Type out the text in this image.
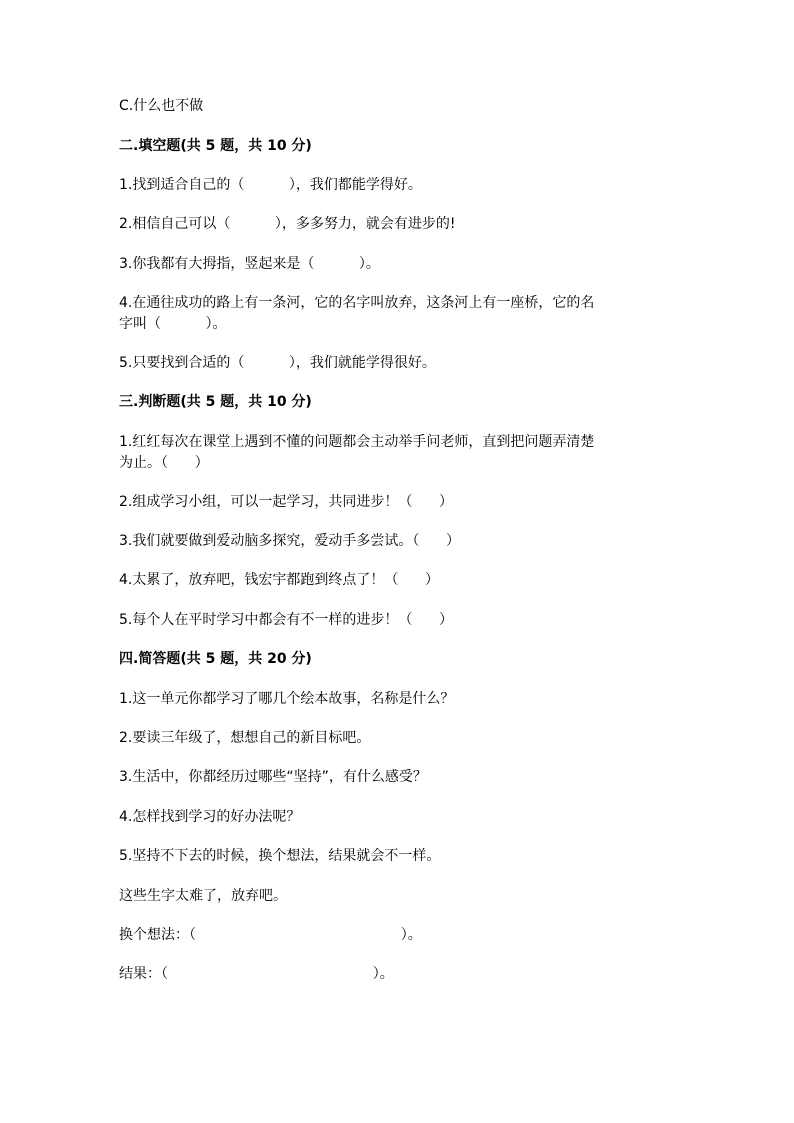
C.什么也不做
二.填空题(共 5 题，共 10 分)
1.找到适合自己的（          ），我们都能学得好。
2.相信自己可以（          ），多多努力，就会有进步的!
3.你我都有大拇指，竖起来是（          ）。
4.在通往成功的路上有一条河，它的名字叫放弃，这条河上有一座桥，它的名
字叫（          ）。
5.只要找到合适的（          ），我们就能学得很好。
三.判断题(共 5 题，共 10 分)
1.红红每次在课堂上遇到不懂的问题都会主动举手问老师，直到把问题弄清楚
为止。（      ）
2.组成学习小组，可以一起学习，共同进步！（      ）
3.我们就要做到爱动脑多探究，爱动手多尝试。（      ）
4.太累了，放弃吧，钱宏宇都跑到终点了！（      ）
5.每个人在平时学习中都会有不一样的进步！（      ）
四.简答题(共 5 题，共 20 分)
1.这一单元你都学习了哪几个绘本故事，名称是什么？
2.要读三年级了，想想自己的新目标吧。
3.生活中，你都经历过哪些“坚持”，有什么感受？
4.怎样找到学习的好办法呢？
5.坚持不下去的时候，换个想法，结果就会不一样。
这些生字太难了，放弃吧。
换个想法：（                                              ）。
结果：（                                              ）。
